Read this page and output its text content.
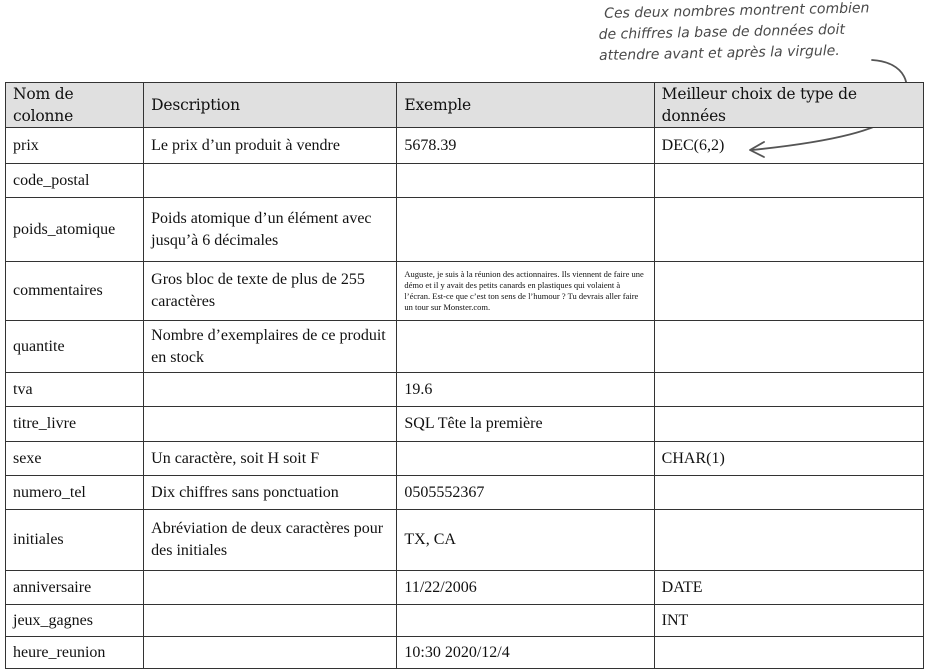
Ces deux nombres montrent combien
de chiffres la base de données doit
attendre avant et après la virgule.
Nom de colonne	Description	Exemple	Meilleur choix de type de données
prix	Le prix d’un produit à vendre	5678.39	DEC(6,2)
code_postal			
poids_atomique	Poids atomique d’un élément avec jusqu’à 6 décimales		
commentaires	Gros bloc de texte de plus de 255 caractères	Auguste, je suis à la réunion des actionnaires. Ils viennent de faire une démo et il y avait des petits canards en plastiques qui volaient à l’écran. Est-ce que c’est ton sens de l’humour ? Tu devrais aller faire un tour sur Monster.com.	
quantite	Nombre d’exemplaires de ce produit en stock		
tva		19.6	
titre_livre		SQL Tête la première	
sexe	Un caractère, soit H soit F		CHAR(1)
numero_tel	Dix chiffres sans ponctuation	0505552367	
initiales	Abréviation de deux caractères pour des initiales	TX, CA	
anniversaire		11/22/2006	DATE
jeux_gagnes			INT
heure_reunion		10:30 2020/12/4	
